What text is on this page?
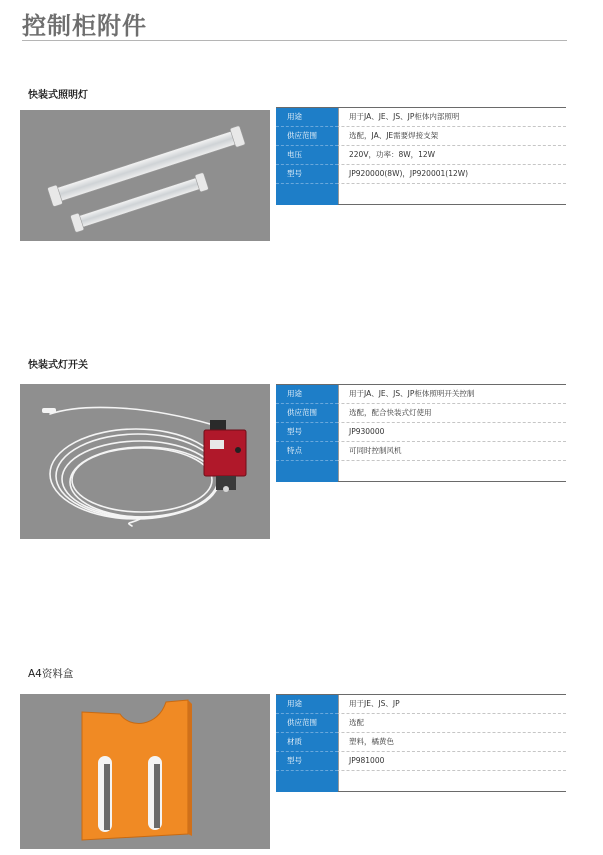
控制柜附件
快装式照明灯
用途	用于JA、JE、JS、JP柜体内部照明
供应范围	选配，JA、JE需要焊接支架
电压	220V，功率：8W，12W
型号	JP920000(8W)，JP920001(12W)
快装式灯开关
用途	用于JA、JE、JS、JP柜体照明开关控制
供应范围	选配，配合快装式灯使用
型号	JP930000
特点	可同时控制风机
A4资料盒
用途	用于JE、JS、JP
供应范围	选配
材质	塑料，橘黄色
型号	JP981000
